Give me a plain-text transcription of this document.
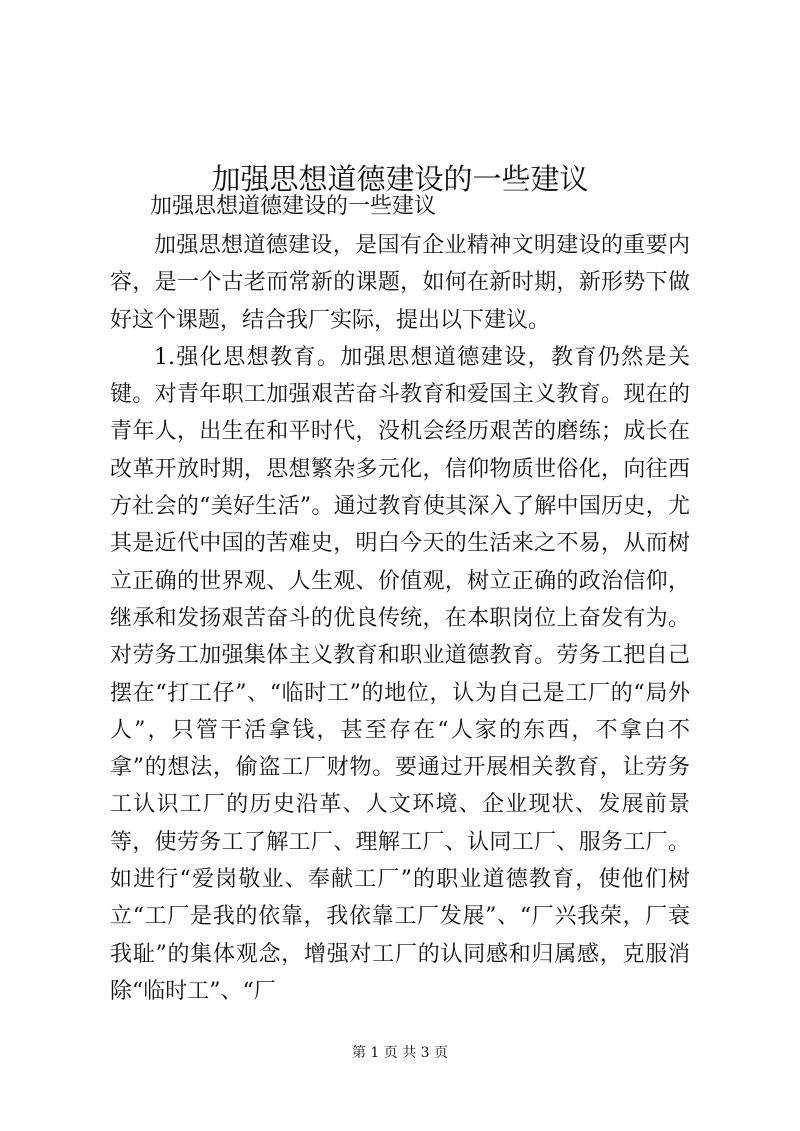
加强思想道德建设的一些建议
加强思想道德建设的一些建议

加强思想道德建设，是国有企业精神文明建设的重要内容，是一个古老而常新的课题，如何在新时期，新形势下做好这个课题，结合我厂实际，提出以下建议。

1.强化思想教育。加强思想道德建设，教育仍然是关键。对青年职工加强艰苦奋斗教育和爱国主义教育。现在的青年人，出生在和平时代，没机会经历艰苦的磨练；成长在改革开放时期，思想繁杂多元化，信仰物质世俗化，向往西方社会的“美好生活”。通过教育使其深入了解中国历史，尤其是近代中国的苦难史，明白今天的生活来之不易，从而树立正确的世界观、人生观、价值观，树立正确的政治信仰，继承和发扬艰苦奋斗的优良传统，在本职岗位上奋发有为。对劳务工加强集体主义教育和职业道德教育。劳务工把自己摆在“打工仔”、“临时工”的地位，认为自己是工厂的“局外人”，只管干活拿钱，甚至存在“人家的东西，不拿白不拿”的想法，偷盗工厂财物。要通过开展相关教育，让劳务工认识工厂的历史沿革、人文环境、企业现状、发展前景等，使劳务工了解工厂、理解工厂、认同工厂、服务工厂。如进行“爱岗敬业、奉献工厂”的职业道德教育，使他们树立“工厂是我的依靠，我依靠工厂发展”、“厂兴我荣，厂衰我耻”的集体观念，增强对工厂的认同感和归属感，克服消除“临时工”、“厂

第 1 页 共 3 页
